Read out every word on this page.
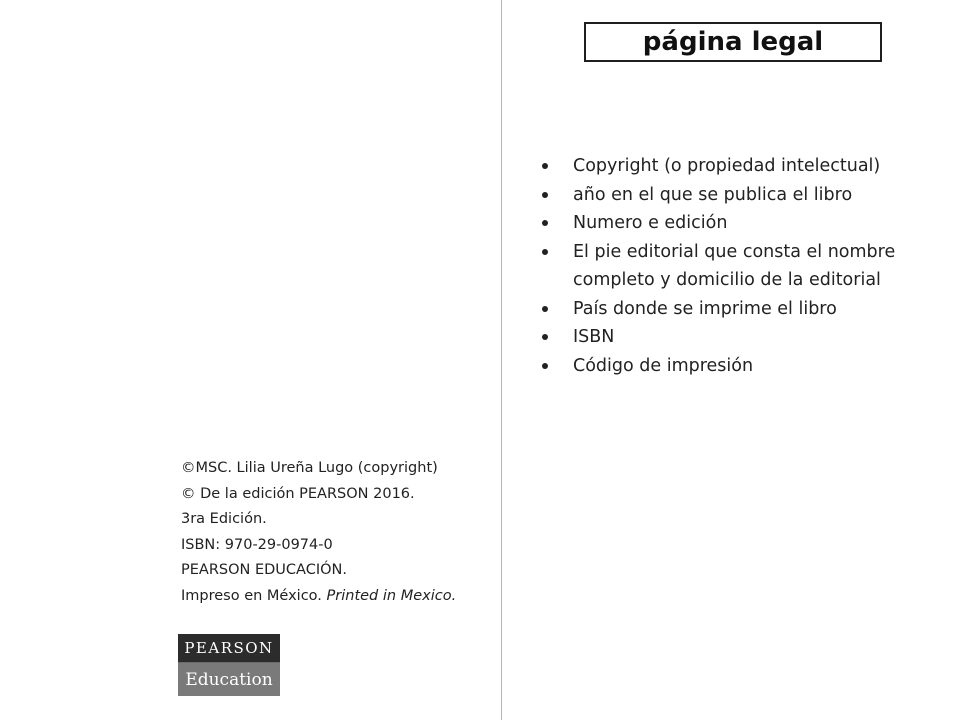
página legal
Copyright (o propiedad intelectual)
año en el que se publica el libro
Numero e edición
El pie editorial que consta el nombre completo y domicilio de la editorial
País donde se imprime el libro
ISBN
Código de impresión
©MSC. Lilia Ureña Lugo (copyright)
© De la edición PEARSON 2016.
3ra Edición.
ISBN: 970-29-0974-0
PEARSON EDUCACIÓN.
Impreso en México. Printed in Mexico.
PEARSON
Education
